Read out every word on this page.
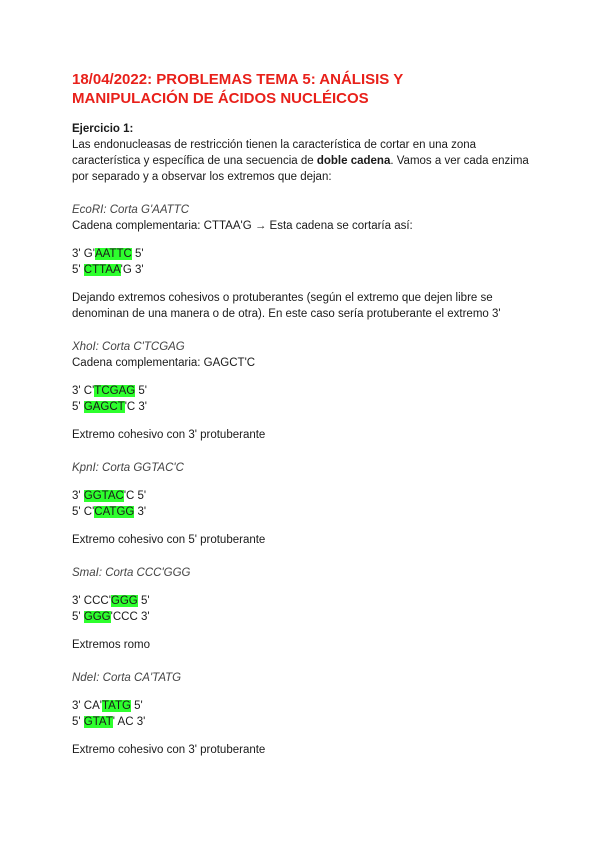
18/04/2022: PROBLEMAS TEMA 5: ANÁLISIS Y MANIPULACIÓN DE ÁCIDOS NUCLÉICOS
Ejercicio 1:

Las endonucleasas de restricción tienen la característica de cortar en una zona característica y específica de una secuencia de doble cadena. Vamos a ver cada enzima por separado y a observar los extremos que dejan:

EcoRI: Corta G'AATTC

Cadena complementaria: CTTAA'G → Esta cadena se cortaría así:

3' G'AATTC 5'

5' CTTAA'G 3'

Dejando extremos cohesivos o protuberantes (según el extremo que dejen libre se denominan de una manera o de otra). En este caso sería protuberante el extremo 3'

XhoI: Corta C'TCGAG

Cadena complementaria: GAGCT'C

3' C'TCGAG 5'

5' GAGCT'C 3'

Extremo cohesivo con 3' protuberante

KpnI: Corta GGTAC'C

3' GGTAC'C 5'

5' C'CATGG 3'

Extremo cohesivo con 5' protuberante

SmaI: Corta CCC'GGG

3' CCC'GGG 5'

5' GGG'CCC 3'

Extremos romo

NdeI: Corta CA'TATG

3' CA'TATG 5'

5' GTAT' AC 3'

Extremo cohesivo con 3' protuberante
